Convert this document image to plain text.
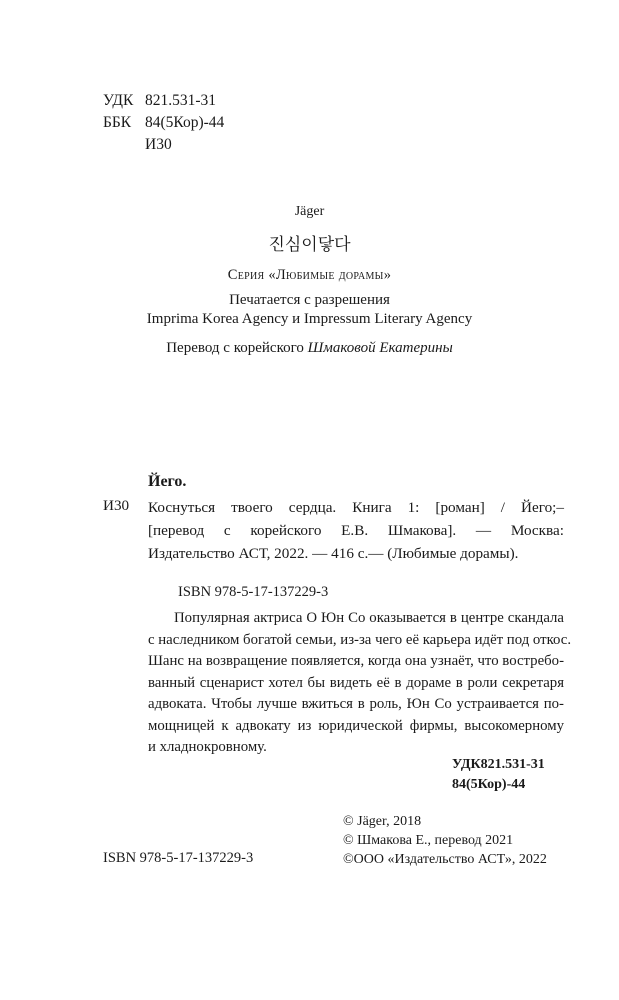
УДК 821.531-31
ББК 84(5Кор)-44
И30
Jäger
진심이닿다
Серия «Любимые дорамы»
Печатается с разрешения
Imprima Korea Agency и Impressum Literary Agency
Перевод с корейского Шмаковой Екатерины
Йего.
И30 Коснуться твоего сердца. Книга 1: [роман] / Йего;–
[перевод с корейского Е.В. Шмакова]. — Москва:
Издательство АСТ, 2022. — 416 с.— (Любимые дорамы).
ISBN 978-5-17-137229-3
Популярная актриса О Юн Со оказывается в центре скандала
с наследником богатой семьи, из-за чего её карьера идёт под откос.
Шанс на возвращение появляется, когда она узнаёт, что востребо-
ванный сценарист хотел бы видеть её в дораме в роли секретаря
адвоката. Чтобы лучше вжиться в роль, Юн Со устраивается по-
мощницей к адвокату из юридической фирмы, высокомерному
и хладнокровному.
УДК821.531-31
84(5Кор)-44
ISBN 978-5-17-137229-3
© Jäger, 2018
© Шмакова Е., перевод 2021
©ООО «Издательство АСТ», 2022
